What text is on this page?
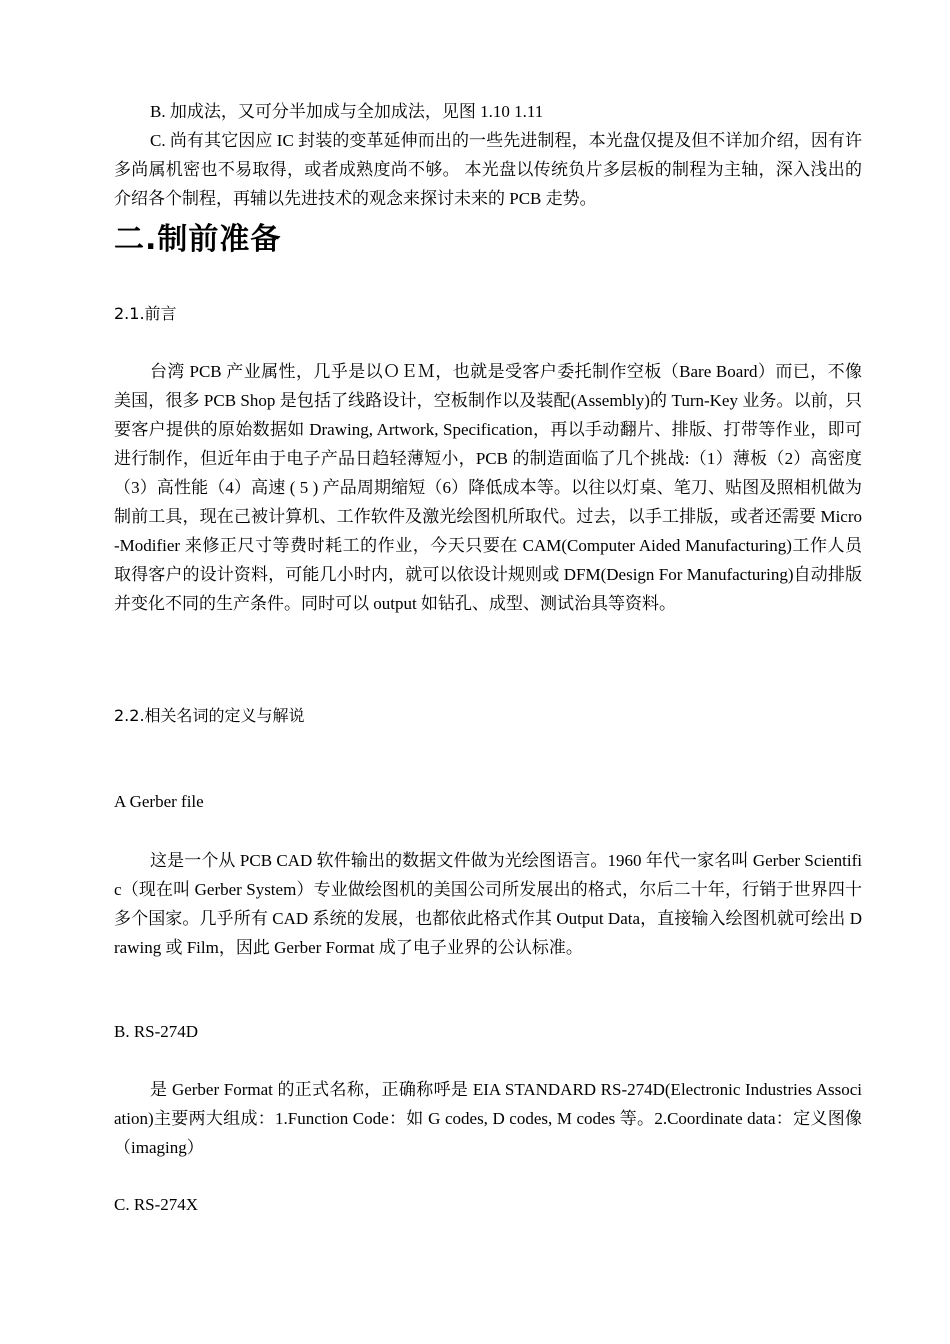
B. 加成法，又可分半加成与全加成法，见图 1.10 1.11

C. 尚有其它因应 IC 封装的变革延伸而出的一些先进制程，本光盘仅提及但不详加介绍，因有许多尚属机密也不易取得，或者成熟度尚不够。 本光盘以传统负片多层板的制程为主轴，深入浅出的介绍各个制程，再辅以先进技术的观念来探讨未来的 PCB 走势。

二.制前准备

2.1.前言

台湾 PCB 产业属性，几乎是以ＯＥＭ，也就是受客户委托制作空板（Bare Board）而已，不像美国，很多 PCB Shop 是包括了线路设计，空板制作以及装配(Assembly)的 Turn-Key 业务。以前，只要客户提供的原始数据如 Drawing, Artwork, Specification，再以手动翻片、排版、打带等作业，即可进行制作，但近年由于电子产品日趋轻薄短小，PCB 的制造面临了几个挑战:（1）薄板（2）高密度（3）高性能（4）高速 ( 5 ) 产品周期缩短（6）降低成本等。以往以灯桌、笔刀、贴图及照相机做为制前工具，现在己被计算机、工作软件及激光绘图机所取代。过去，以手工排版，或者还需要 Micro-Modifier 来修正尺寸等费时耗工的作业，今天只要在 CAM(Computer Aided Manufacturing)工作人员取得客户的设计资料，可能几小时内，就可以依设计规则或 DFM(Design For Manufacturing)自动排版并变化不同的生产条件。同时可以 output 如钻孔、成型、测试治具等资料。

2.2.相关名词的定义与解说

A Gerber file

这是一个从 PCB CAD 软件输出的数据文件做为光绘图语言。1960 年代一家名叫 Gerber Scientific（现在叫 Gerber System）专业做绘图机的美国公司所发展出的格式，尔后二十年，行销于世界四十多个国家。几乎所有 CAD 系统的发展，也都依此格式作其 Output Data，直接输入绘图机就可绘出 Drawing 或 Film，因此 Gerber Format 成了电子业界的公认标准。

B. RS-274D

是 Gerber Format 的正式名称，正确称呼是 EIA STANDARD RS-274D(Electronic Industries Association)主要两大组成：1.Function Code：如 G codes, D codes, M codes 等。2.Coordinate data：定义图像（imaging）

C. RS-274X
